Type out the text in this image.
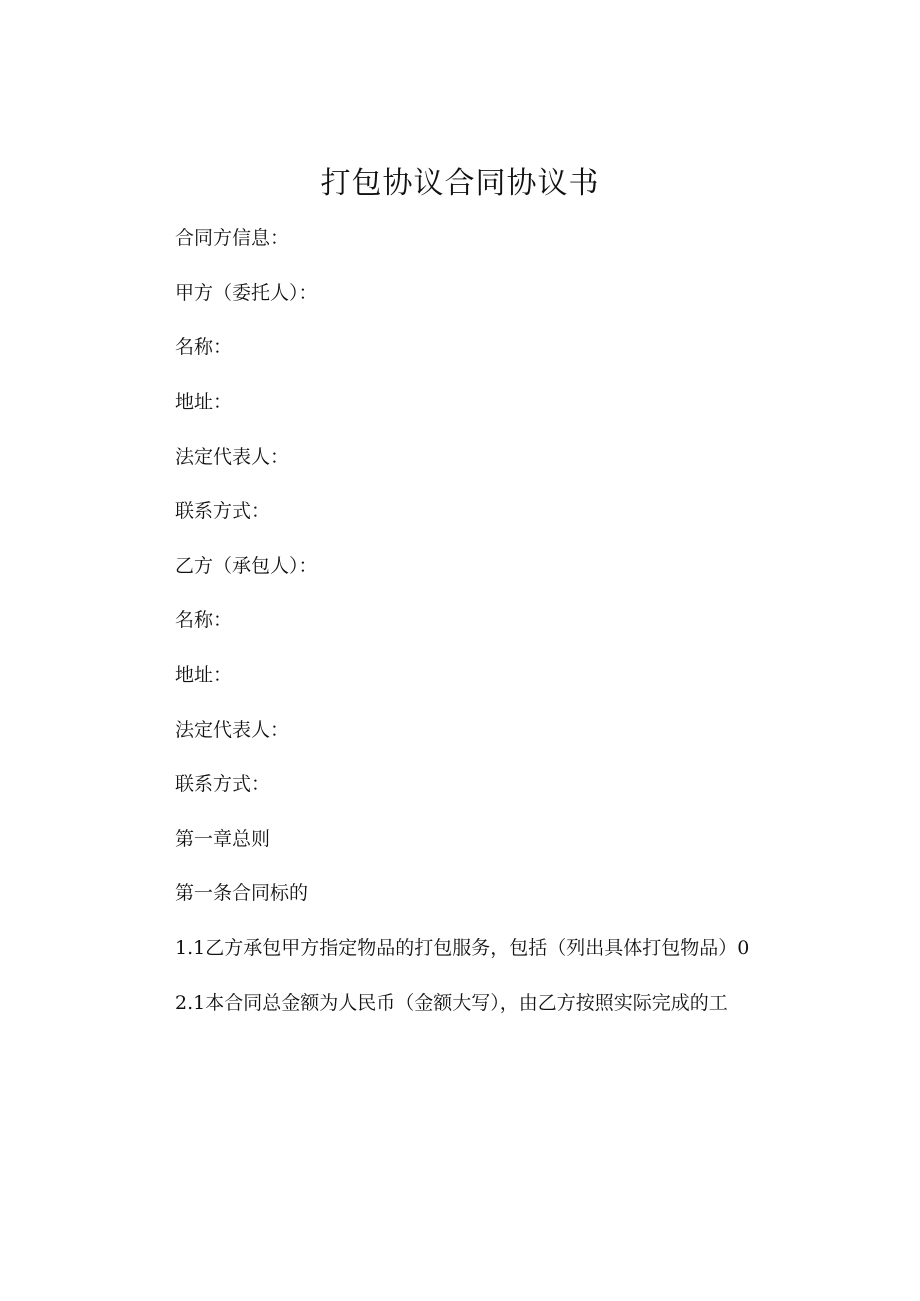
打包协议合同协议书
合同方信息：
甲方（委托人）：
名称：
地址：
法定代表人：
联系方式：
乙方（承包人）：
名称：
地址：
法定代表人：
联系方式：
第一章总则
第一条合同标的
1.1乙方承包甲方指定物品的打包服务，包括（列出具体打包物品）0
2.1本合同总金额为人民币（金额大写），由乙方按照实际完成的工
